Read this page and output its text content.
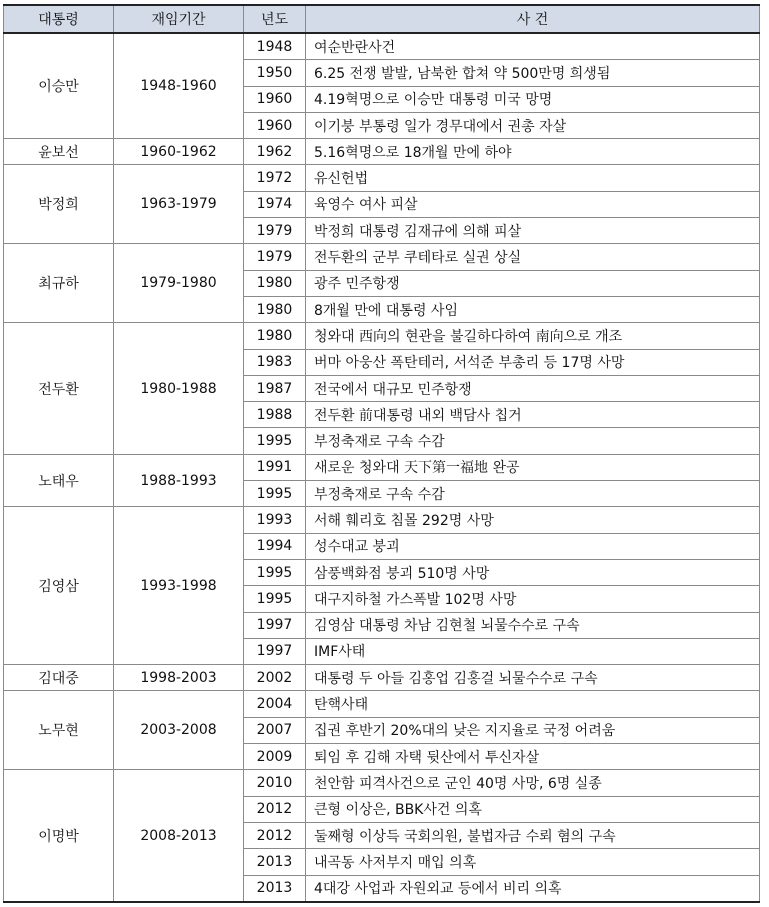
대통령	재임기간	년도	사 건
이승만	1948-1960	1948	여순반란사건
		1950	6.25 전쟁 발발, 남북한 합쳐 약 500만명 희생됨
		1960	4.19혁명으로 이승만 대통령 미국 망명
		1960	이기붕 부통령 일가 경무대에서 권총 자살
윤보선	1960-1962	1962	5.16혁명으로 18개월 만에 하야
박정희	1963-1979	1972	유신헌법
		1974	육영수 여사 피살
		1979	박정희 대통령 김재규에 의해 피살
최규하	1979-1980	1979	전두환의 군부 쿠테타로 실권 상실
		1980	광주 민주항쟁
		1980	8개월 만에 대통령 사임
전두환	1980-1988	1980	청와대 西向의 현관을 불길하다하여 南向으로 개조
		1983	버마 아웅산 폭탄테러, 서석준 부총리 등 17명 사망
		1987	전국에서 대규모 민주항쟁
		1988	전두환 前대통령 내외 백담사 칩거
		1995	부정축재로 구속 수감
노태우	1988-1993	1991	새로운 청와대 天下第一福地 완공
		1995	부정축재로 구속 수감
김영삼	1993-1998	1993	서해 훼리호 침몰 292명 사망
		1994	성수대교 붕괴
		1995	삼풍백화점 붕괴 510명 사망
		1995	대구지하철 가스폭발 102명 사망
		1997	김영삼 대통령 차남 김현철 뇌물수수로 구속
		1997	IMF사태
김대중	1998-2003	2002	대통령 두 아들 김홍업 김홍걸 뇌물수수로 구속
노무현	2003-2008	2004	탄핵사태
		2007	집권 후반기 20%대의 낮은 지지율로 국정 어려움
		2009	퇴임 후 김해 자택 뒷산에서 투신자살
이명박	2008-2013	2010	천안함 피격사건으로 군인 40명 사망, 6명 실종
		2012	큰형 이상은, BBK사건 의혹
		2012	둘째형 이상득 국회의원, 불법자금 수뢰 혐의 구속
		2013	내곡동 사저부지 매입 의혹
		2013	4대강 사업과 자원외교 등에서 비리 의혹
